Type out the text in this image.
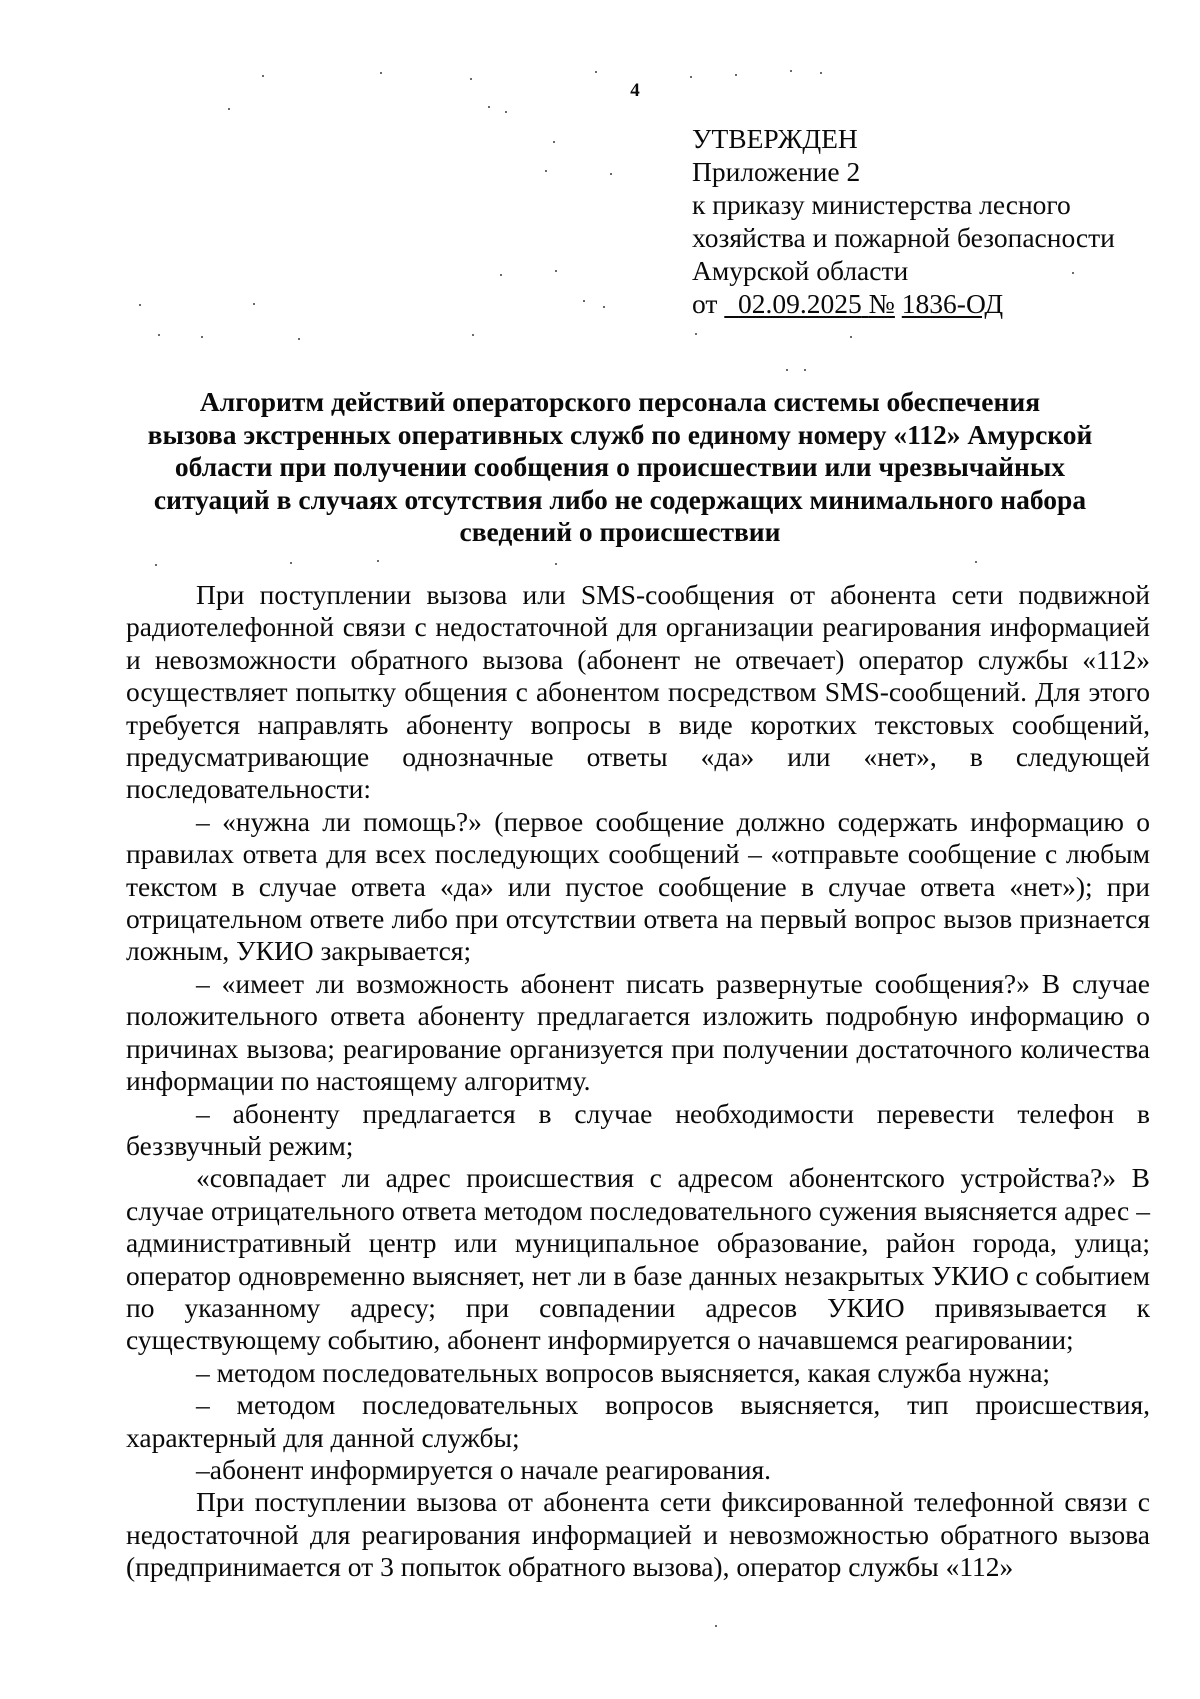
4
УТВЕРЖДЕН
Приложение 2
к приказу министерства лесного
хозяйства и пожарной безопасности
Амурской области
от 02.09.2025 № 1836-ОД
Алгоритм действий операторского персонала системы обеспечения
вызова экстренных оперативных служб по единому номеру «112» Амурской
области при получении сообщения о происшествии или чрезвычайных
ситуаций в случаях отсутствия либо не содержащих минимального набора
сведений о происшествии

При поступлении вызова или SMS-сообщения от абонента сети подвижной радиотелефонной связи с недостаточной для организации реагирования информацией и невозможности обратного вызова (абонент не отвечает) оператор службы «112» осуществляет попытку общения с абонентом посредством SMS-сообщений. Для этого требуется направлять абоненту вопросы в виде коротких текстовых сообщений, предусматривающие однозначные ответы «да» или «нет», в следующей последовательности:

– «нужна ли помощь?» (первое сообщение должно содержать информацию о правилах ответа для всех последующих сообщений – «отправьте сообщение с любым текстом в случае ответа «да» или пустое сообщение в случае ответа «нет»); при отрицательном ответе либо при отсутствии ответа на первый вопрос вызов признается ложным, УКИО закрывается;

– «имеет ли возможность абонент писать развернутые сообщения?» В случае положительного ответа абоненту предлагается изложить подробную информацию о причинах вызова; реагирование организуется при получении достаточного количества информации по настоящему алгоритму.

– абоненту предлагается в случае необходимости перевести телефон в беззвучный режим;

«совпадает ли адрес происшествия с адресом абонентского устройства?» В случае отрицательного ответа методом последовательного сужения выясняется адрес – административный центр или муниципальное образование, район города, улица; оператор одновременно выясняет, нет ли в базе данных незакрытых УКИО с событием по указанному адресу; при совпадении адресов УКИО привязывается к существующему событию, абонент информируется о начавшемся реагировании;

– методом последовательных вопросов выясняется, какая служба нужна;

– методом последовательных вопросов выясняется, тип происшествия, характерный для данной службы;

–абонент информируется о начале реагирования.

При поступлении вызова от абонента сети фиксированной телефонной связи с недостаточной для реагирования информацией и невозможностью обратного вызова (предпринимается от 3 попыток обратного вызова), оператор службы «112»
